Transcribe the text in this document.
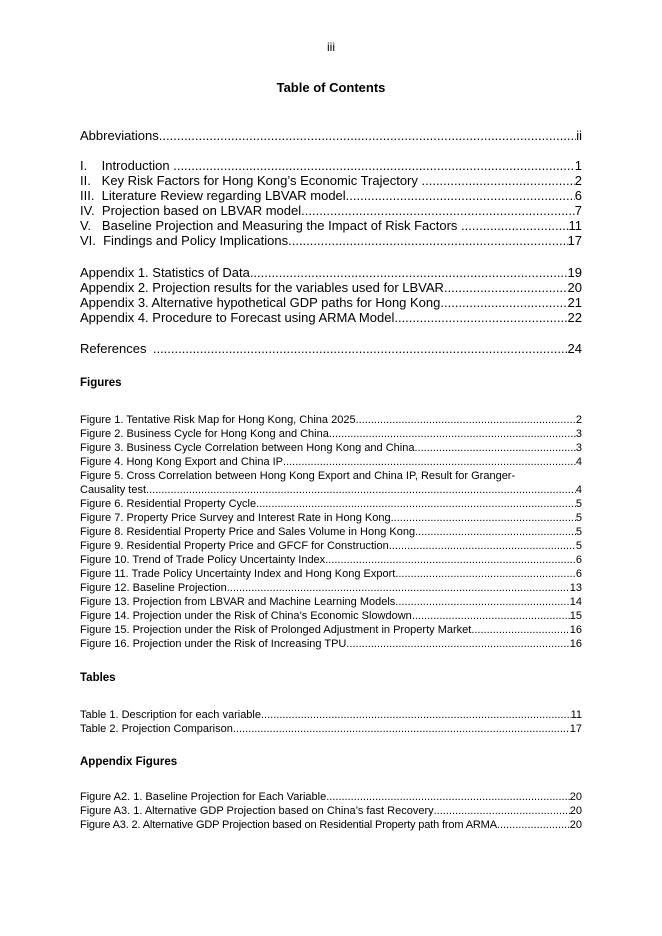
iii
Table of Contents
Abbreviations .....	ii
I.    Introduction .....	1
II.   Key Risk Factors for Hong Kong’s Economic Trajectory .....	2
III.  Literature Review regarding LBVAR model .....	6
IV.  Projection based on LBVAR model .....	7
V.   Baseline Projection and Measuring the Impact of Risk Factors .....	11
VI.  Findings and Policy Implications .....	17
Appendix 1. Statistics of Data .....	19
Appendix 2. Projection results for the variables used for LBVAR .....	20
Appendix 3. Alternative hypothetical GDP paths for Hong Kong .....	21
Appendix 4. Procedure to Forecast using ARMA Model .....	22
References .....	24
Figures
Figure 1. Tentative Risk Map for Hong Kong, China 2025 .....	2
Figure 2. Business Cycle for Hong Kong and China .....	3
Figure 3. Business Cycle Correlation between Hong Kong and China .....	3
Figure 4. Hong Kong Export and China IP .....	4
Figure 5. Cross Correlation between Hong Kong Export and China IP, Result for Granger-
Causality test .....	4
Figure 6. Residential Property Cycle .....	5
Figure 7. Property Price Survey and Interest Rate in Hong Kong .....	5
Figure 8. Residential Property Price and Sales Volume in Hong Kong .....	5
Figure 9. Residential Property Price and GFCF for Construction .....	5
Figure 10. Trend of Trade Policy Uncertainty Index .....	6
Figure 11. Trade Policy Uncertainty Index and Hong Kong Export .....	6
Figure 12. Baseline Projection .....	13
Figure 13. Projection from LBVAR and Machine Learning Models .....	14
Figure 14. Projection under the Risk of China’s Economic Slowdown .....	15
Figure 15. Projection under the Risk of Prolonged Adjustment in Property Market .....	16
Figure 16. Projection under the Risk of Increasing TPU .....	16
Tables
Table 1. Description for each variable .....	11
Table 2. Projection Comparison .....	17
Appendix Figures
Figure A2. 1. Baseline Projection for Each Variable .....	20
Figure A3. 1. Alternative GDP Projection based on China’s fast Recovery .....	20
Figure A3. 2. Alternative GDP Projection based on Residential Property path from ARMA .....	20
